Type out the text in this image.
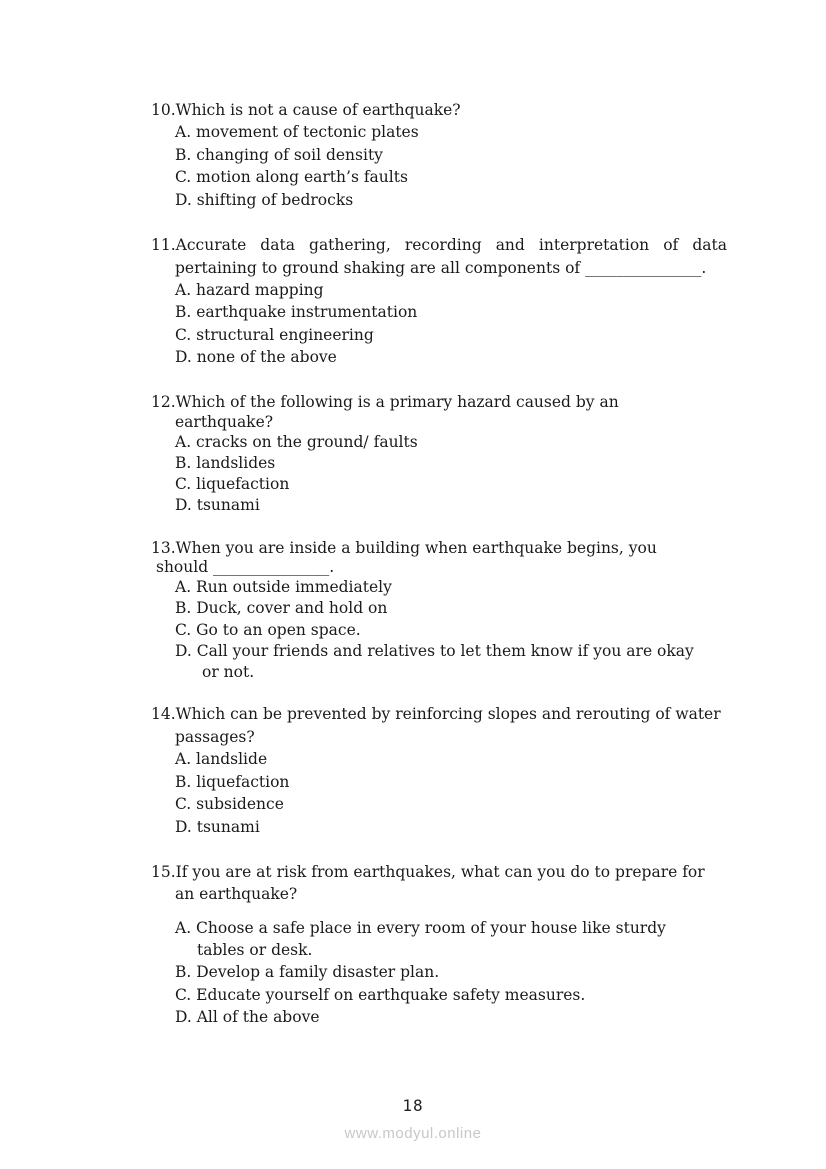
10.Which is not a cause of earthquake?
A. movement of tectonic plates
B. changing of soil density
C. motion along earth’s faults
D. shifting of bedrocks
11.Accurate data gathering, recording and interpretation of data
pertaining to ground shaking are all components of _______________.
A. hazard mapping
B. earthquake instrumentation
C. structural engineering
D. none of the above
12.Which of the following is a primary hazard caused by an
earthquake?
A. cracks on the ground/ faults
B. landslides
C. liquefaction
D. tsunami
13.When you are inside a building when earthquake begins, you
should _______________.
A. Run outside immediately
B. Duck, cover and hold on
C. Go to an open space.
D. Call your friends and relatives to let them know if you are okay
or not.
14.Which can be prevented by reinforcing slopes and rerouting of water
passages?
A. landslide
B. liquefaction
C. subsidence
D. tsunami
15.If you are at risk from earthquakes, what can you do to prepare for
an earthquake?
A. Choose a safe place in every room of your house like sturdy
tables or desk.
B. Develop a family disaster plan.
C. Educate yourself on earthquake safety measures.
D. All of the above
18
www.modyul.online
